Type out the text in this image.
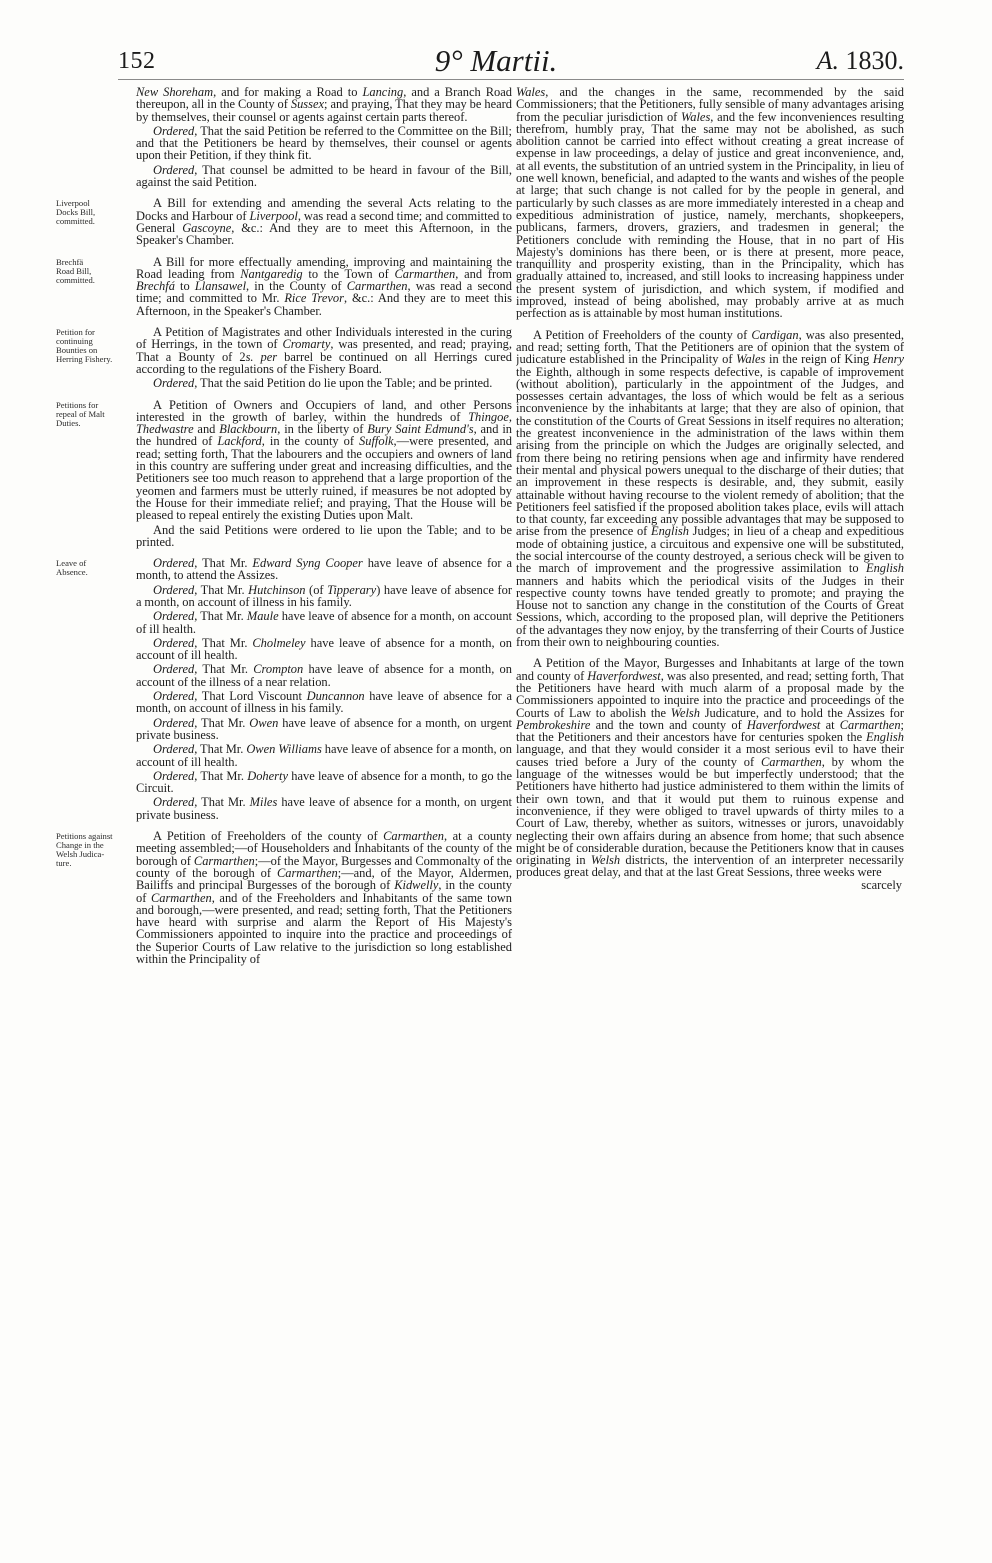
152	9° Martii.	A. 1830.

New Shoreham, and for making a Road to Lancing, and a Branch Road thereupon, all in the County of Sussex; and praying, That they may be heard by themselves, their counsel or agents against certain parts thereof.

Ordered, That the said Petition be referred to the Committee on the Bill; and that the Petitioners be heard by themselves, their counsel or agents upon their Petition, if they think fit.

Ordered, That counsel be admitted to be heard in favour of the Bill, against the said Petition.

Liverpool
Docks Bill,
committed.

A Bill for extending and amending the several Acts relating to the Docks and Harbour of Liverpool, was read a second time; and committed to General Gascoyne, &c.: And they are to meet this Afternoon, in the Speaker's Chamber.

Brechfä
Road Bill,
committed.

A Bill for more effectually amending, improving and maintaining the Road leading from Nantgaredig to the Town of Carmarthen, and from Brechfá to Llansawel, in the County of Carmarthen, was read a second time; and committed to Mr. Rice Trevor, &c.: And they are to meet this Afternoon, in the Speaker's Chamber.

Petition for
continuing
Bounties on
Herring Fishery.

A Petition of Magistrates and other Individuals interested in the curing of Herrings, in the town of Cromarty, was presented, and read; praying, That a Bounty of 2s. per barrel be continued on all Herrings cured according to the regulations of the Fishery Board.

Ordered, That the said Petition do lie upon the Table; and be printed.

Petitions for
repeal of Malt
Duties.

A Petition of Owners and Occupiers of land, and other Persons interested in the growth of barley, within the hundreds of Thingoe, Thedwastre and Blackbourn, in the liberty of Bury Saint Edmund's, and in the hundred of Lackford, in the county of Suffolk,—were presented, and read; setting forth, That the labourers and the occupiers and owners of land in this country are suffering under great and increasing difficulties, and the Petitioners see too much reason to apprehend that a large proportion of the yeomen and farmers must be utterly ruined, if measures be not adopted by the House for their immediate relief; and praying, That the House will be pleased to repeal entirely the existing Duties upon Malt.

And the said Petitions were ordered to lie upon the Table; and to be printed.

Leave of
Absence.

Ordered, That Mr. Edward Syng Cooper have leave of absence for a month, to attend the Assizes.

Ordered, That Mr. Hutchinson (of Tipperary) have leave of absence for a month, on account of illness in his family.

Ordered, That Mr. Maule have leave of absence for a month, on account of ill health.

Ordered, That Mr. Cholmeley have leave of absence for a month, on account of ill health.

Ordered, That Mr. Crompton have leave of absence for a month, on account of the illness of a near relation.

Ordered, That Lord Viscount Duncannon have leave of absence for a month, on account of illness in his family.

Ordered, That Mr. Owen have leave of absence for a month, on urgent private business.

Ordered, That Mr. Owen Williams have leave of absence for a month, on account of ill health.

Ordered, That Mr. Doherty have leave of absence for a month, to go the Circuit.

Ordered, That Mr. Miles have leave of absence for a month, on urgent private business.

Petitions against
Change in the
Welsh Judica-
ture.

A Petition of Freeholders of the county of Carmarthen, at a county meeting assembled;—of Householders and Inhabitants of the county of the borough of Carmarthen;—of the Mayor, Burgesses and Commonalty of the county of the borough of Carmarthen;—and, of the Mayor, Aldermen, Bailiffs and principal Burgesses of the borough of Kidwelly, in the county of Carmarthen, and of the Freeholders and Inhabitants of the same town and borough,—were presented, and read; setting forth, That the Petitioners have heard with surprise and alarm the Report of His Majesty's Commissioners appointed to inquire into the practice and proceedings of the Superior Courts of Law relative to the jurisdiction so long established within the Principality of

Wales, and the changes in the same, recommended by the said Commissioners; that the Petitioners, fully sensible of many advantages arising from the peculiar jurisdiction of Wales, and the few inconveniences resulting therefrom, humbly pray, That the same may not be abolished, as such abolition cannot be carried into effect without creating a great increase of expense in law proceedings, a delay of justice and great inconvenience, and, at all events, the substitution of an untried system in the Principality, in lieu of one well known, beneficial, and adapted to the wants and wishes of the people at large; that such change is not called for by the people in general, and particularly by such classes as are more immediately interested in a cheap and expeditious administration of justice, namely, merchants, shopkeepers, publicans, farmers, drovers, graziers, and tradesmen in general; the Petitioners conclude with reminding the House, that in no part of His Majesty's dominions has there been, or is there at present, more peace, tranquillity and prosperity existing, than in the Principality, which has gradually attained to, increased, and still looks to increasing happiness under the present system of jurisdiction, and which system, if modified and improved, instead of being abolished, may probably arrive at as much perfection as is attainable by most human institutions.

A Petition of Freeholders of the county of Cardigan, was also presented, and read; setting forth, That the Petitioners are of opinion that the system of judicature established in the Principality of Wales in the reign of King Henry the Eighth, although in some respects defective, is capable of improvement (without abolition), particularly in the appointment of the Judges, and possesses certain advantages, the loss of which would be felt as a serious inconvenience by the inhabitants at large; that they are also of opinion, that the constitution of the Courts of Great Sessions in itself requires no alteration; the greatest inconvenience in the administration of the laws within them arising from the principle on which the Judges are originally selected, and from there being no retiring pensions when age and infirmity have rendered their mental and physical powers unequal to the discharge of their duties; that an improvement in these respects is desirable, and, they submit, easily attainable without having recourse to the violent remedy of abolition; that the Petitioners feel satisfied if the proposed abolition takes place, evils will attach to that county, far exceeding any possible advantages that may be supposed to arise from the presence of English Judges; in lieu of a cheap and expeditious mode of obtaining justice, a circuitous and expensive one will be substituted, the social intercourse of the county destroyed, a serious check will be given to the march of improvement and the progressive assimilation to English manners and habits which the periodical visits of the Judges in their respective county towns have tended greatly to promote; and praying the House not to sanction any change in the constitution of the Courts of Great Sessions, which, according to the proposed plan, will deprive the Petitioners of the advantages they now enjoy, by the transferring of their Courts of Justice from their own to neighbouring counties.

A Petition of the Mayor, Burgesses and Inhabitants at large of the town and county of Haverfordwest, was also presented, and read; setting forth, That the Petitioners have heard with much alarm of a proposal made by the Commissioners appointed to inquire into the practice and proceedings of the Courts of Law to abolish the Welsh Judicature, and to hold the Assizes for Pembrokeshire and the town and county of Haverfordwest at Carmarthen; that the Petitioners and their ancestors have for centuries spoken the English language, and that they would consider it a most serious evil to have their causes tried before a Jury of the county of Carmarthen, by whom the language of the witnesses would be but imperfectly understood; that the Petitioners have hitherto had justice administered to them within the limits of their own town, and that it would put them to ruinous expense and inconvenience, if they were obliged to travel upwards of thirty miles to a Court of Law, thereby, whether as suitors, witnesses or jurors, unavoidably neglecting their own affairs during an absence from home; that such absence might be of considerable duration, because the Petitioners know that in causes originating in Welsh districts, the intervention of an interpreter necessarily produces great delay, and that at the last Great Sessions, three weeks were

scarcely
